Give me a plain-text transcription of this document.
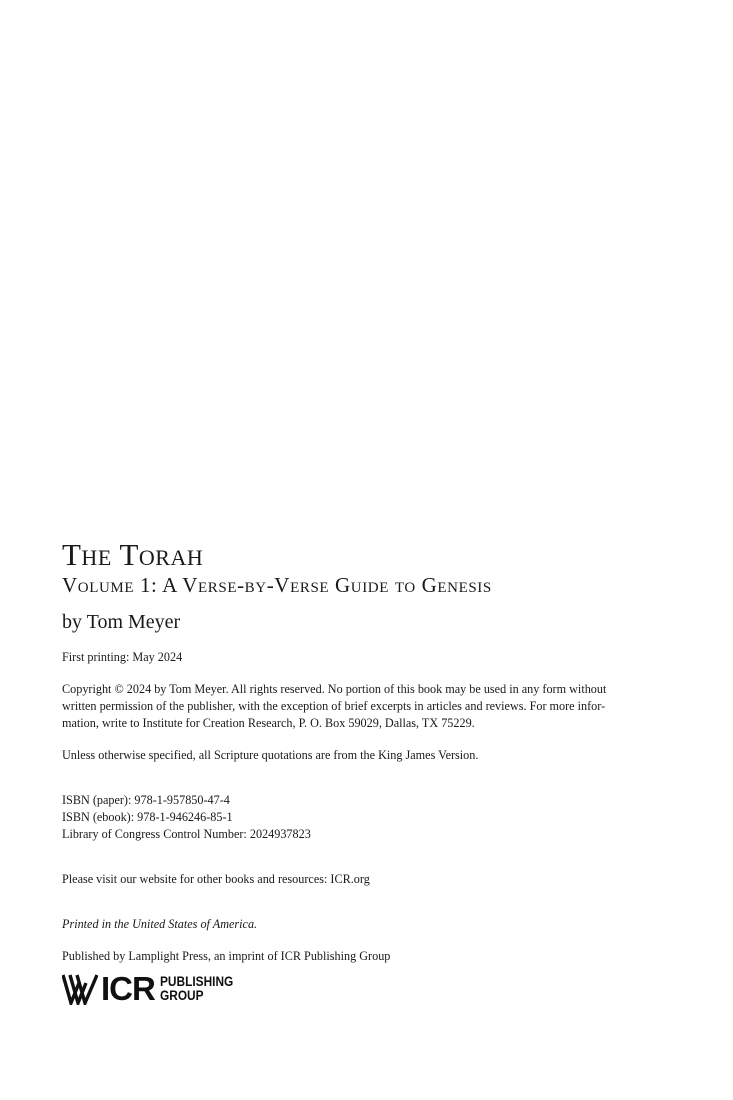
The Torah
Volume 1: A Verse-by-Verse Guide to Genesis

by Tom Meyer

First printing: May 2024

Copyright © 2024 by Tom Meyer. All rights reserved. No portion of this book may be used in any form without
written permission of the publisher, with the exception of brief excerpts in articles and reviews. For more infor-
mation, write to Institute for Creation Research, P. O. Box 59029, Dallas, TX 75229.

Unless otherwise specified, all Scripture quotations are from the King James Version.

ISBN (paper): 978-1-957850-47-4
ISBN (ebook): 978-1-946246-85-1
Library of Congress Control Number: 2024937823

Please visit our website for other books and resources: ICR.org

Printed in the United States of America.

Published by Lamplight Press, an imprint of ICR Publishing Group

ICR PUBLISHING
GROUP
